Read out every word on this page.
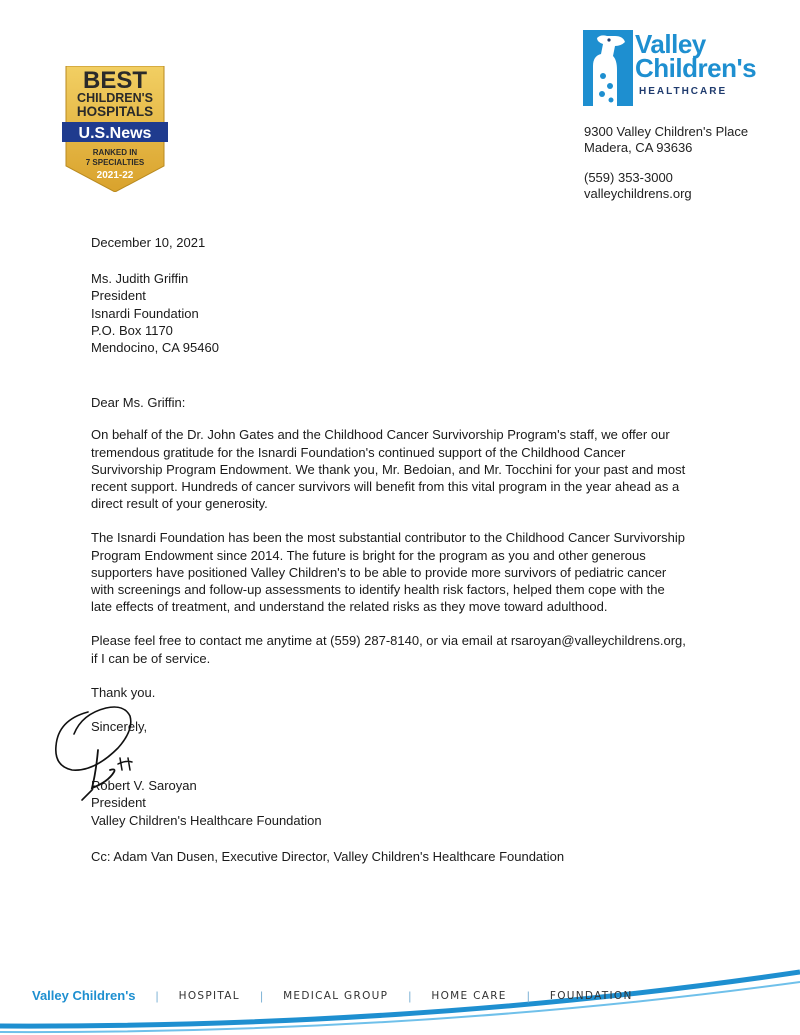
BEST
CHILDREN'S
HOSPITALS
U.S.News
RANKED IN
7 SPECIALTIES
2021-22
Valley
Children's
HEALTHCARE
9300 Valley Children's Place
Madera, CA 93636
(559) 353-3000
valleychildrens.org
December 10, 2021
Ms. Judith Griffin
President
Isnardi Foundation
P.O. Box 1170
Mendocino, CA 95460
Dear Ms. Griffin:
On behalf of the Dr. John Gates and the Childhood Cancer Survivorship Program's staff, we offer our
tremendous gratitude for the Isnardi Foundation's continued support of the Childhood Cancer
Survivorship Program Endowment. We thank you, Mr. Bedoian, and Mr. Tocchini for your past and most
recent support. Hundreds of cancer survivors will benefit from this vital program in the year ahead as a
direct result of your generosity.
The Isnardi Foundation has been the most substantial contributor to the Childhood Cancer Survivorship
Program Endowment since 2014. The future is bright for the program as you and other generous
supporters have positioned Valley Children's to be able to provide more survivors of pediatric cancer
with screenings and follow-up assessments to identify health risk factors, helped them cope with the
late effects of treatment, and understand the related risks as they move toward adulthood.
Please feel free to contact me anytime at (559) 287-8140, or via email at rsaroyan@valleychildrens.org,
if I can be of service.
Thank you.
Sincerely,
Robert V. Saroyan
President
Valley Children's Healthcare Foundation
Cc: Adam Van Dusen, Executive Director, Valley Children's Healthcare Foundation
Valley Children's | HOSPITAL | MEDICAL GROUP | HOME CARE | FOUNDATION
